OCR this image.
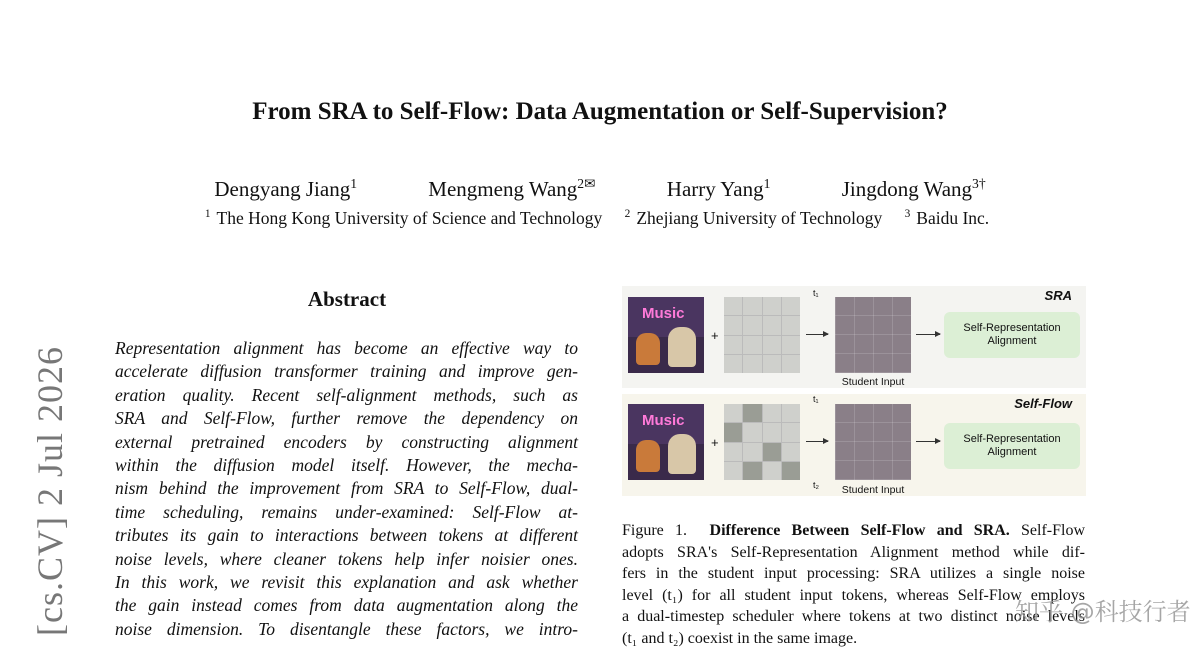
From SRA to Self-Flow: Data Augmentation or Self-Supervision?
Dengyang Jiang$^1$	Mengmeng Wang$^{2✉}$	Harry Yang$^1$	Jingdong Wang$^{3\dagger}$
$^1$ The Hong Kong University of Science and Technology $^2$ Zhejiang University of Technology $^3$ Baidu Inc.
[cs.CV] 2 Jul 2026
Abstract
Representation alignment has become an effective way to
accelerate diffusion transformer training and improve gen-
eration quality. Recent self-alignment methods, such as
SRA and Self-Flow, further remove the dependency on
external pretrained encoders by constructing alignment
within the diffusion model itself. However, the mecha-
nism behind the improvement from SRA to Self-Flow, dual-
time scheduling, remains under-examined: Self-Flow at-
tributes its gain to interactions between tokens at different
noise levels, where cleaner tokens help infer noisier ones.
In this work, we revisit this explanation and ask whether
the gain instead comes from data augmentation along the
noise dimension. To disentangle these factors, we intro-
SRA
Music
+
t₁
Student Input
Self-Representation Alignment
Self-Flow
Music
+
t₁
t₂	Student Input
Self-Representation Alignment
Figure 1. Difference Between Self-Flow and SRA. Self-Flow
adopts SRA's Self-Representation Alignment method while dif-
fers in the student input processing: SRA utilizes a single noise
level (t₁) for all student input tokens, whereas Self-Flow employs
a dual-timestep scheduler where tokens at two distinct noise levels
(t₁ and t₂) coexist in the same image.
知乎 @科技行者
